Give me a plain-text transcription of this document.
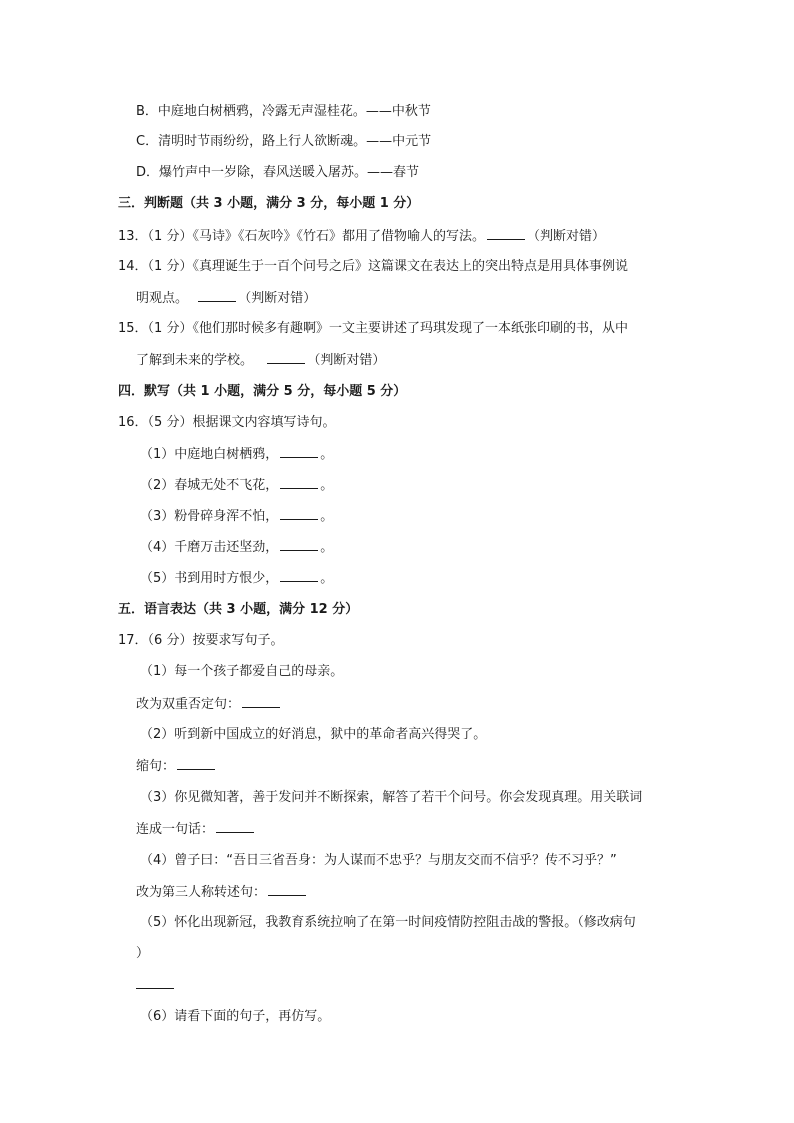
B．中庭地白树栖鸦，冷露无声湿桂花。——中秋节
C．清明时节雨纷纷，路上行人欲断魂。——中元节
D．爆竹声中一岁除，春风送暖入屠苏。——春节
三．判断题（共 3 小题，满分 3 分，每小题 1 分）
13．（1 分）《马诗》《石灰吟》《竹石》都用了借物喻人的写法。	（判断对错）
14．（1 分）《真理诞生于一百个问号之后》这篇课文在表达上的突出特点是用具体事例说
明观点。	（判断对错）
15．（1 分）《他们那时候多有趣啊》一文主要讲述了玛琪发现了一本纸张印刷的书，从中
了解到未来的学校。	（判断对错）
四．默写（共 1 小题，满分 5 分，每小题 5 分）
16．（5 分）根据课文内容填写诗句。
（1）中庭地白树栖鸦，	。
（2）春城无处不飞花，	。
（3）粉骨碎身浑不怕，	。
（4）千磨万击还坚劲，	。
（5）书到用时方恨少，	。
五．语言表达（共 3 小题，满分 12 分）
17．（6 分）按要求写句子。
（1）每一个孩子都爱自己的母亲。
改为双重否定句：
（2）听到新中国成立的好消息，狱中的革命者高兴得哭了。
缩句：
（3）你见微知著，善于发问并不断探索，解答了若干个问号。你会发现真理。用关联词
连成一句话：
（4）曾子曰：“吾日三省吾身：为人谋而不忠乎？与朋友交而不信乎？传不习乎？”
改为第三人称转述句：
（5）怀化出现新冠，我教育系统拉响了在第一时间疫情防控阻击战的警报。（修改病句
）
（6）请看下面的句子，再仿写。
